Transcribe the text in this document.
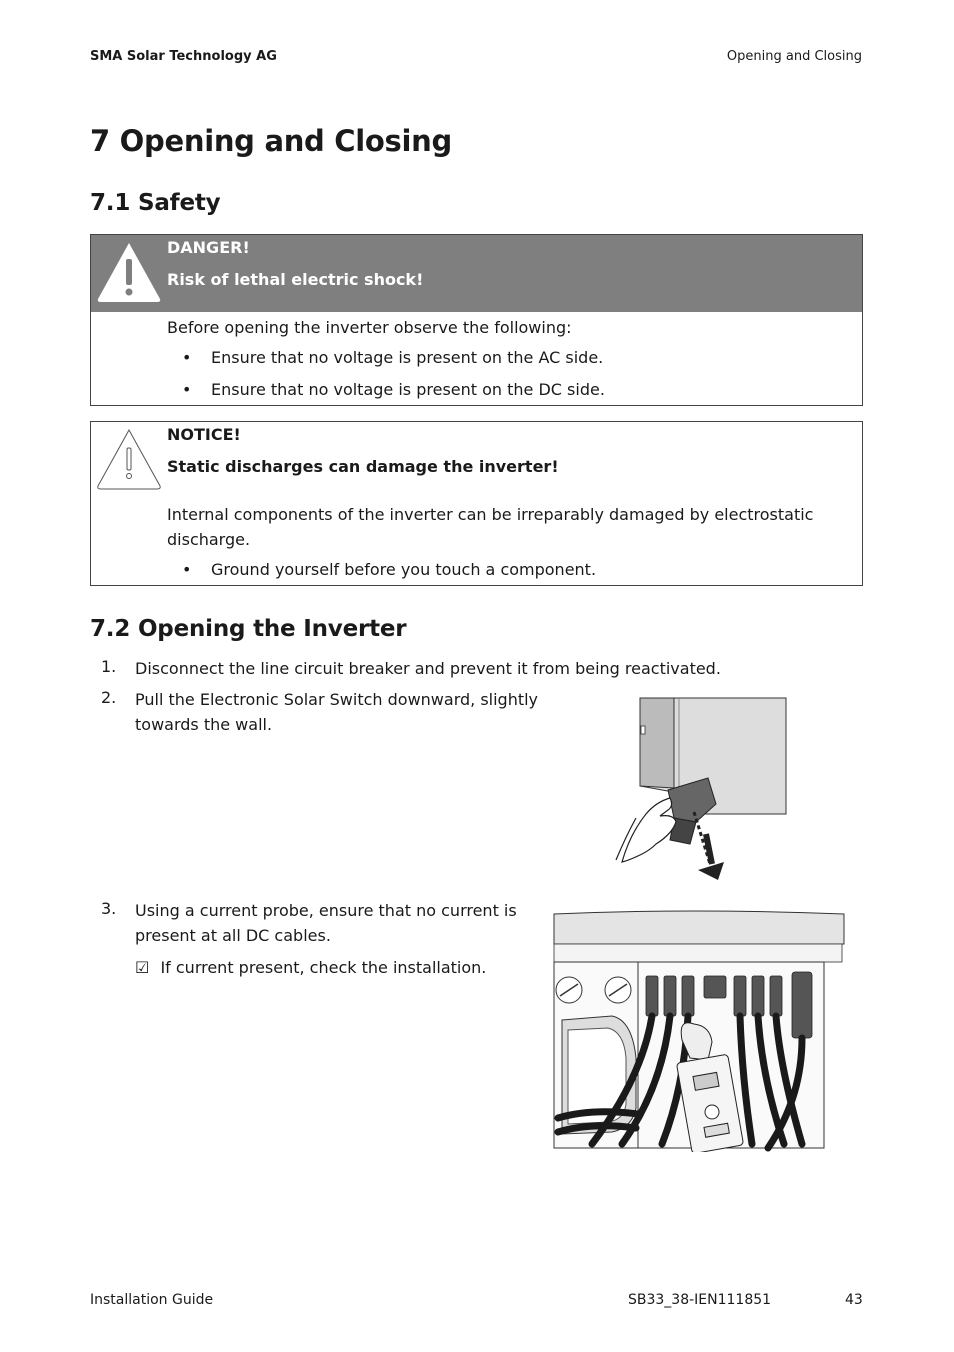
SMA Solar Technology AG	Opening and Closing
7 Opening and Closing
7.1 Safety
DANGER!
Risk of lethal electric shock!
Before opening the inverter observe the following:
• Ensure that no voltage is present on the AC side.
• Ensure that no voltage is present on the DC side.
NOTICE!
Static discharges can damage the inverter!
Internal components of the inverter can be irreparably damaged by electrostatic
discharge.
• Ground yourself before you touch a component.
7.2 Opening the Inverter
1. Disconnect the line circuit breaker and prevent it from being reactivated.
2. Pull the Electronic Solar Switch downward, slightly
towards the wall.
3. Using a current probe, ensure that no current is
present at all DC cables.
☑ If current present, check the installation.
Installation Guide	SB33_38-IEN111851	43
